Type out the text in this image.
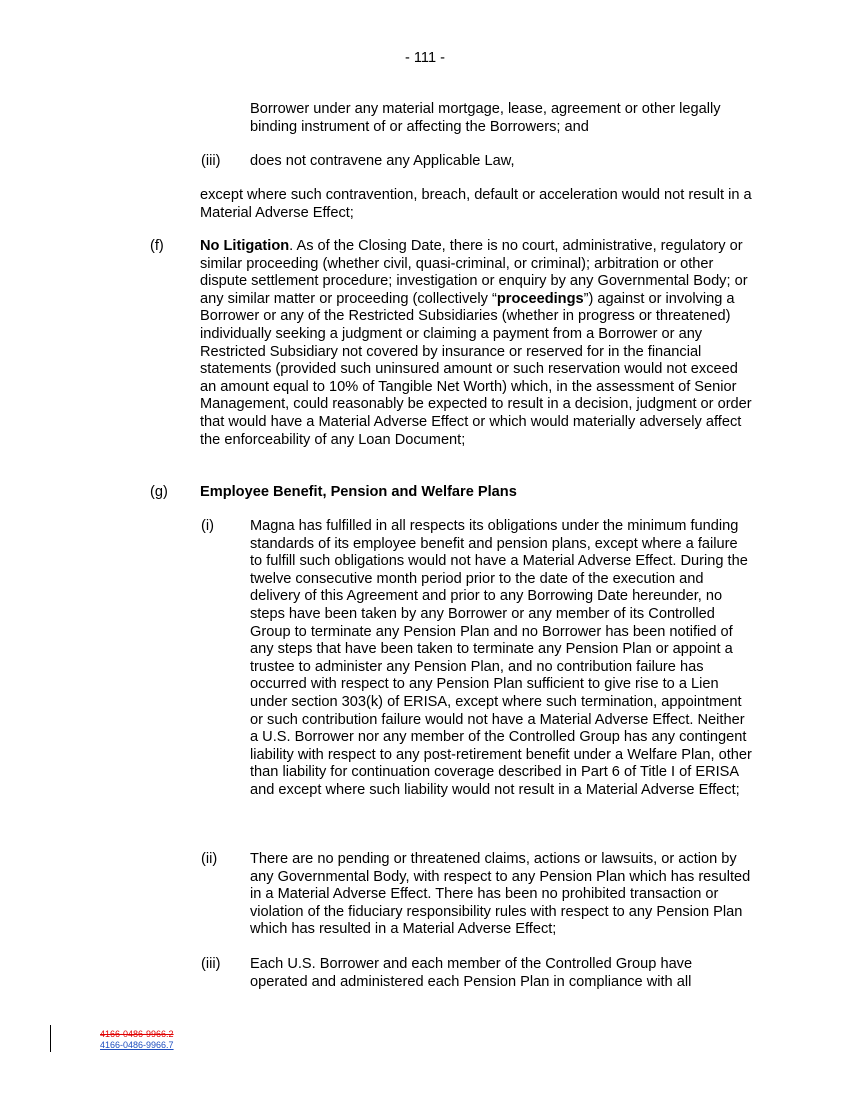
- 111 -

Borrower under any material mortgage, lease, agreement or other legally binding instrument of or affecting the Borrowers; and

(iii) does not contravene any Applicable Law,

except where such contravention, breach, default or acceleration would not result in a Material Adverse Effect;

(f) No Litigation. As of the Closing Date, there is no court, administrative, regulatory or similar proceeding (whether civil, quasi-criminal, or criminal); arbitration or other dispute settlement procedure; investigation or enquiry by any Governmental Body; or any similar matter or proceeding (collectively “proceedings”) against or involving a Borrower or any of the Restricted Subsidiaries (whether in progress or threatened) individually seeking a judgment or claiming a payment from a Borrower or any Restricted Subsidiary not covered by insurance or reserved for in the financial statements (provided such uninsured amount or such reservation would not exceed an amount equal to 10% of Tangible Net Worth) which, in the assessment of Senior Management, could reasonably be expected to result in a decision, judgment or order that would have a Material Adverse Effect or which would materially adversely affect the enforceability of any Loan Document;

(g) Employee Benefit, Pension and Welfare Plans

(i) Magna has fulfilled in all respects its obligations under the minimum funding standards of its employee benefit and pension plans, except where a failure to fulfill such obligations would not have a Material Adverse Effect. During the twelve consecutive month period prior to the date of the execution and delivery of this Agreement and prior to any Borrowing Date hereunder, no steps have been taken by any Borrower or any member of its Controlled Group to terminate any Pension Plan and no Borrower has been notified of any steps that have been taken to terminate any Pension Plan or appoint a trustee to administer any Pension Plan, and no contribution failure has occurred with respect to any Pension Plan sufficient to give rise to a Lien under section 303(k) of ERISA, except where such termination, appointment or such contribution failure would not have a Material Adverse Effect. Neither a U.S. Borrower nor any member of the Controlled Group has any contingent liability with respect to any post-retirement benefit under a Welfare Plan, other than liability for continuation coverage described in Part 6 of Title I of ERISA and except where such liability would not result in a Material Adverse Effect;

(ii) There are no pending or threatened claims, actions or lawsuits, or action by any Governmental Body, with respect to any Pension Plan which has resulted in a Material Adverse Effect. There has been no prohibited transaction or violation of the fiduciary responsibility rules with respect to any Pension Plan which has resulted in a Material Adverse Effect;

(iii) Each U.S. Borrower and each member of the Controlled Group have operated and administered each Pension Plan in compliance with all

4166-0486-9966.2
4166-0486-9966.7
